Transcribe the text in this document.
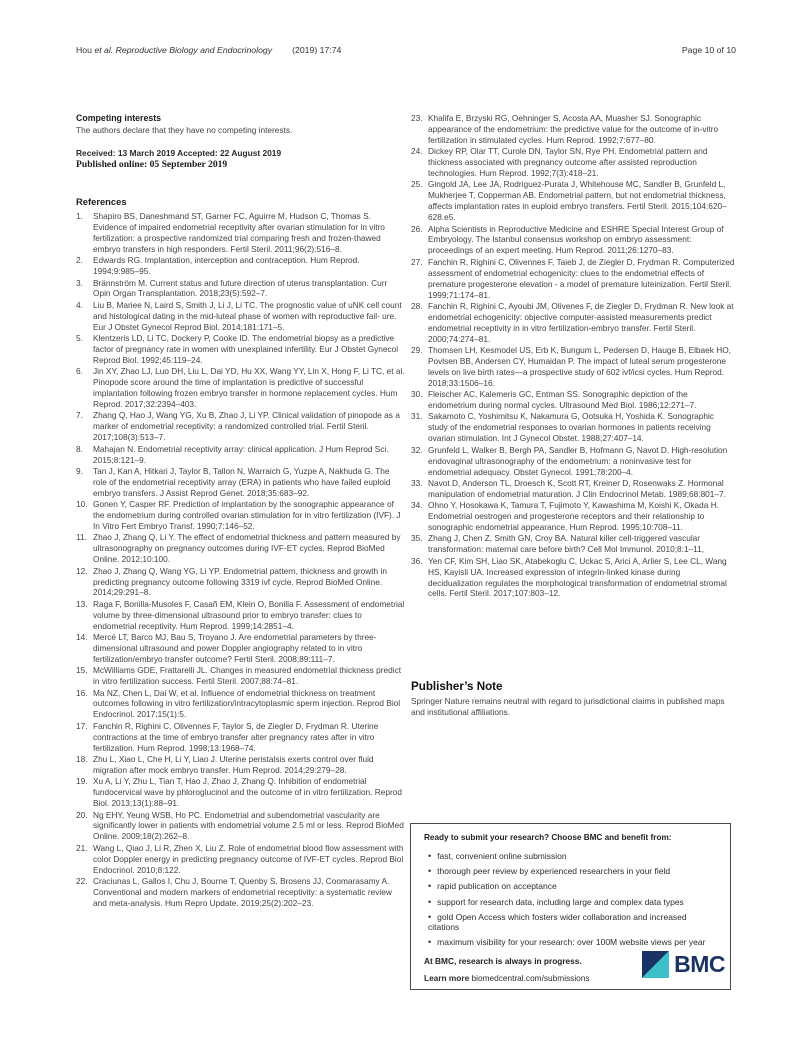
Hou et al. Reproductive Biology and Endocrinology (2019) 17:74	Page 10 of 10
Competing interests

The authors declare that they have no competing interests.

Received: 13 March 2019 Accepted: 22 August 2019
Published online: 05 September 2019
References
1.	Shapiro BS, Daneshmand ST, Garner FC, Aguirre M, Hudson C, Thomas S. Evidence of impaired endometrial receptivity after ovarian stimulation for in vitro fertilization: a prospective randomized trial comparing fresh and frozen-thawed embryo transfers in high responders. Fertil Steril. 2011;96(2):516–8.
2.	Edwards RG. Implantation, interception and contraception. Hum Reprod. 1994;9:985–95.
3.	Brännström M. Current status and future direction of uterus transplantation. Curr Opin Organ Transplantation. 2018;23(5):592–7.
4.	Liu B, Mariee N, Laird S, Smith J, Li J, Li TC. The prognostic value of uNK cell count and histological dating in the mid-luteal phase of women with reproductive fail- ure. Eur J Obstet Gynecol Reprod Biol. 2014;181:171–5.
5.	Klentzeris LD, Li TC, Dockery P, Cooke ID. The endometrial biopsy as a predictive factor of pregnancy rate in women with unexplained infertility. Eur J Obstet Gynecol Reprod Biol. 1992;45:119–24.
6.	Jin XY, Zhao LJ, Luo DH, Liu L, Dai YD, Hu XX, Wang YY, Lin X, Hong F, Li TC, et al. Pinopode score around the time of implantation is predictive of successful implantation following frozen embryo transfer in hormone replacement cycles. Hum Reprod. 2017;32:2394–403.
7.	Zhang Q, Hao J, Wang YG, Xu B, Zhao J, Li YP. Clinical validation of pinopode as a marker of endometrial receptivity: a randomized controlled trial. Fertil Steril. 2017;108(3):513–7.
8.	Mahajan N. Endometrial receptivity array: clinical application. J Hum Reprod Sci. 2015;8:121–9.
9.	Tan J, Kan A, Hitkari J, Taylor B, Tallon N, Warraich G, Yuzpe A, Nakhuda G. The role of the endometrial receptivity array (ERA) in patients who have failed euploid embryo transfers. J Assist Reprod Genet. 2018;35:683–92.
10. Gonen Y, Casper RF. Prediction of implantation by the sonographic appearance of the endometrium during controlled ovarian stimulation for in vitro fertilization (IVF). J In Vitro Fert Embryo Transf. 1990;7:146–52.
11. Zhao J, Zhang Q, Li Y. The effect of endometrial thickness and pattern measured by ultrasonography on pregnancy outcomes during IVF-ET cycles. Reprod BioMed Online. 2012;10:100.
12. Zhao J, Zhang Q, Wang YG, Li YP. Endometrial pattern, thickness and growth in predicting pregnancy outcome following 3319 ivf cycle. Reprod BioMed Online. 2014;29:291–8.
13. Raga F, Bonilla-Musoles F, Casañ EM, Klein O, Bonilla F. Assessment of endometrial volume by three-dimensional ultrasound prior to embryo transfer: clues to endometrial receptivity. Hum Reprod. 1999;14:2851–4.
14. Mercé LT, Barco MJ, Bau S, Troyano J. Are endometrial parameters by three-dimensional ultrasound and power Doppler angiography related to in vitro fertilization/embryo transfer outcome? Fertil Steril. 2008;89:111–7.
15. McWilliams GDE, Frattarelli JL. Changes in measured endometrial thickness predict in vitro fertilization success. Fertil Steril. 2007;88:74–81.
16. Ma NZ, Chen L, Dai W, et al. Influence of endometrial thickness on treatment outcomes following in vitro fertilization/intracytoplasmic sperm injection. Reprod Biol Endocrinol. 2017;15(1):5.
17. Fanchin R, Righini C, Olivennes F, Taylor S, de Ziegler D, Frydman R. Uterine contractions at the time of embryo transfer alter pregnancy rates after in vitro fertilization. Hum Reprod. 1998;13:1968–74.
18. Zhu L, Xiao L, Che H, Li Y, Liao J. Uterine peristalsis exerts control over fluid migration after mock embryo transfer. Hum Reprod. 2014;29:279–28.
19. Xu A, Li Y, Zhu L, Tian T, Hao J, Zhao J, Zhang Q. Inhibition of endometrial fundocervical wave by phloroglucinol and the outcome of in vitro fertilization. Reprod Biol. 2013;13(1):88–91.
20. Ng EHY, Yeung WSB, Ho PC. Endometrial and subendometrial vascularity are significantly lower in patients with endometrial volume 2.5 ml or less. Reprod BioMed Online. 2009;18(2):262–8.
21. Wang L, Qiao J, Li R, Zhen X, Liu Z. Role of endometrial blood flow assessment with color Doppler energy in predicting pregnancy outcome of IVF-ET cycles. Reprod Biol Endocrinol. 2010;8:122.
22. Craciunas L, Gallos I, Chu J, Bourne T, Quenby S, Brosens JJ, Coomarasamy A. Conventional and modern markers of endometrial receptivity: a systematic review and meta-analysis. Hum Repro Update. 2019;25(2):202–23.
23. Khalifa E, Brzyski RG, Oehninger S, Acosta AA, Muasher SJ. Sonographic appearance of the endometrium: the predictive value for the outcome of in-vitro fertilization in stimulated cycles. Hum Reprod. 1992;7:677–80.
24. Dickey RP, Olar TT, Curole DN, Taylor SN, Rye PH. Endometrial pattern and thickness associated with pregnancy outcome after assisted reproduction technologies. Hum Reprod. 1992;7(3):418–21.
25. Gingold JA, Lee JA, Rodriguez-Purata J, Whitehouse MC, Sandler B, Grunfeld L, Mukherjee T, Copperman AB. Endometrial pattern, but not endometrial thickness, affects implantation rates in euploid embryo transfers. Fertil Steril. 2015;104:620–628.e5.
26. Alpha Scientists in Reproductive Medicine and ESHRE Special Interest Group of Embryology. The Istanbul consensus workshop on embryo assessment: proceedings of an expert meeting. Hum Reprod. 2011;26:1270–83.
27. Fanchin R, Righini C, Olivennes F, Taieb J, de Ziegler D, Frydman R. Computerized assessment of endometrial echogenicity: clues to the endometrial effects of premature progesterone elevation - a model of premature luteinization. Fertil Steril. 1999;71:174–81.
28. Fanchin R, Righini C, Ayoubi JM, Olivenes F, de Ziegler D, Frydman R. New look at endometrial echogenicity: objective computer-assisted measurements predict endometrial receptivity in in vitro fertilization-embryo transfer. Fertil Steril. 2000;74:274–81.
29. Thomsen LH, Kesmodel US, Erb K, Bungum L, Pedersen D, Hauge B, Elbaek HO, Povlsen BB, Andersen CY, Humaidan P. The impact of luteal serum progesterone levels on live birth rates—a prospective study of 602 ivf/icsi cycles. Hum Reprod. 2018;33:1506–16.
30. Fleischer AC, Kalemeris GC, Entman SS. Sonographic depiction of the endometrium during normal cycles. Ultrasound Med Biol. 1986;12:271–7.
31. Sakamoto C, Yoshimitsu K, Nakamura G, Ootsuka H, Yoshida K. Sonographic study of the endometrial responses to ovarian hormones in patients receiving ovarian stimulation. Int J Gynecol Obstet. 1988;27:407–14.
32. Grunfeld L, Walker B, Bergh PA, Sandler B, Hofmann G, Navot D. High-resolution endovaginal ultrasonography of the endometrium: a noninvasive test for endometrial adequacy. Obstet Gynecol. 1991;78:200–4.
33. Navot D, Anderson TL, Droesch K, Scott RT, Kreiner D, Rosenwaks Z. Hormonal manipulation of endometrial maturation. J Clin Endocrinol Metab. 1989;68:801–7.
34. Ohno Y, Hosokawa K, Tamura T, Fujimoto Y, Kawashima M, Koishi K, Okada H. Endometrial oestrogen and progesterone receptors and their relationship to sonographic endometrial appearance. Hum Reprod. 1995;10:708–11.
35. Zhang J, Chen Z, Smith GN, Croy BA. Natural killer cell-triggered vascular transformation: maternal care before birth? Cell Mol Immunol. 2010;8:1–11,
36. Yen CF, Kim SH, Liao SK, Atabekoglu C, Uckac S, Arici A, Arlier S, Lee CL, Wang HS, Kayisli UA. Increased expression of integrin-linked kinase during decidualization regulates the morphological transformation of endometrial stromal cells. Fertil Steril. 2017;107:803–12.
Publisher’s Note

Springer Nature remains neutral with regard to jurisdictional claims in published maps and institutional affiliations.

Ready to submit your research? Choose BMC and benefit from:

• fast, convenient online submission
• thorough peer review by experienced researchers in your field
• rapid publication on acceptance
• support for research data, including large and complex data types
• gold Open Access which fosters wider collaboration and increased citations
• maximum visibility for your research: over 100M website views per year
At BMC, research is always in progress.
Learn more biomedcentral.com/submissions
BMC
